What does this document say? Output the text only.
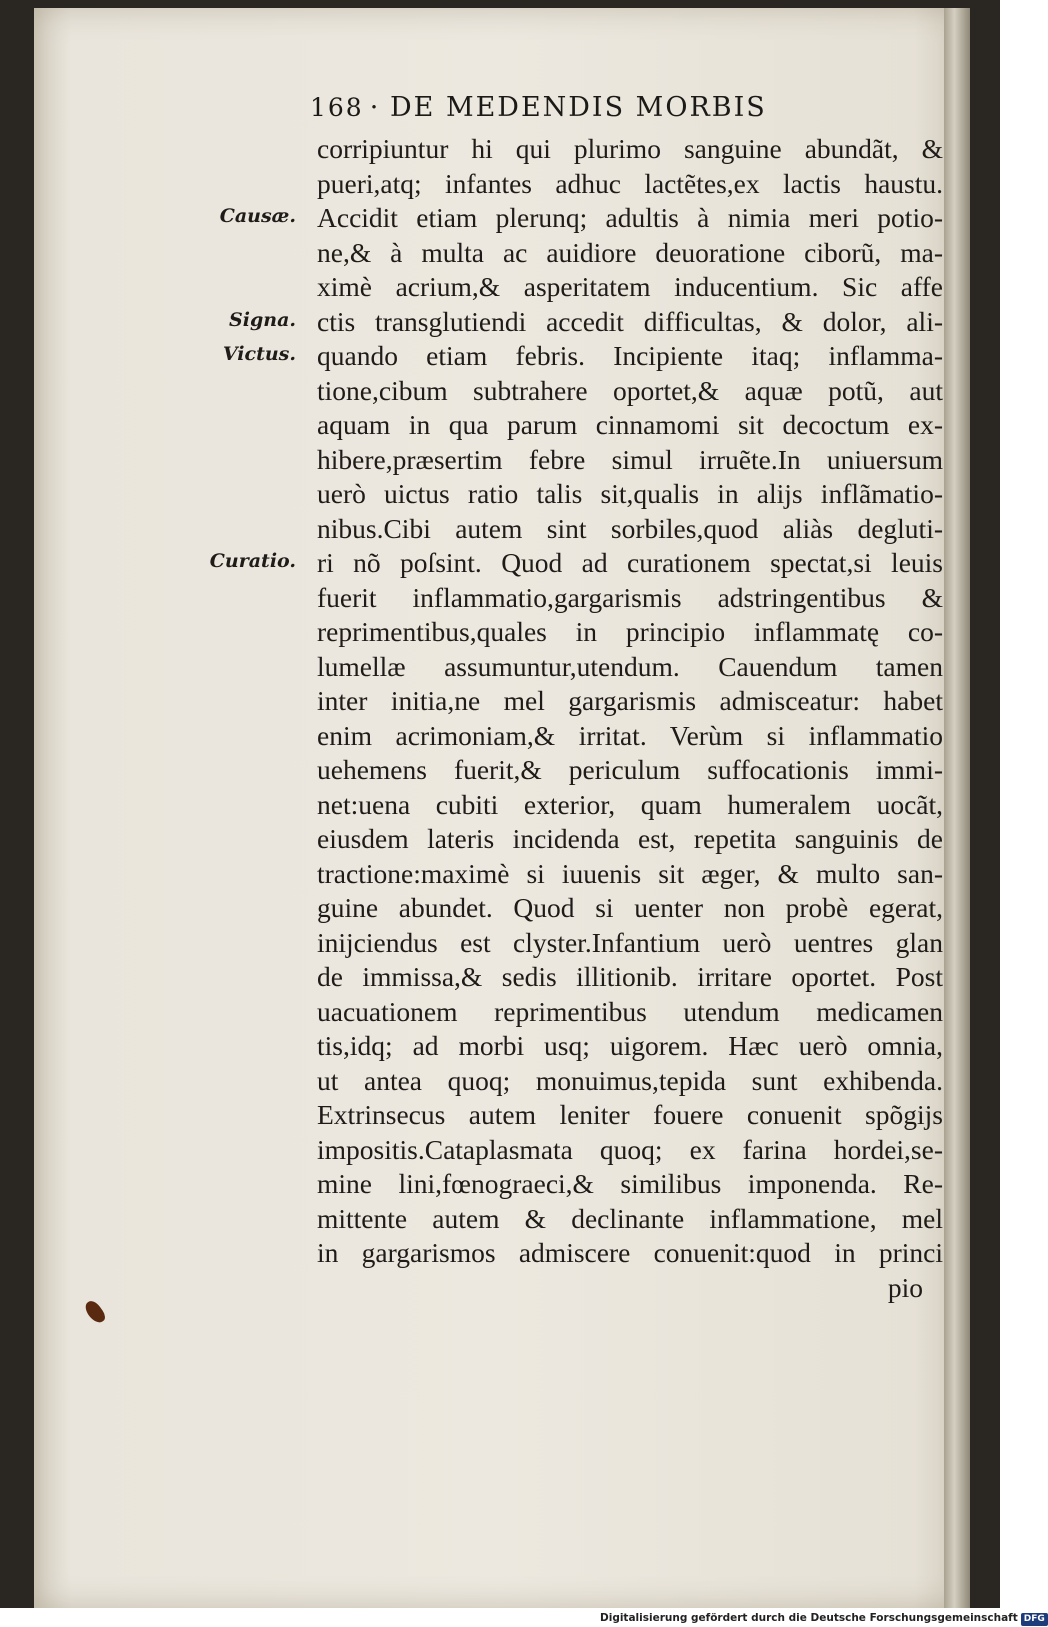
168 · DE MEDENDIS MORBIS
Causæ.
Signa.
Victus.
Curatio.
corripiuntur hi qui plurimo sanguine abundãt, &
pueri,atq; infantes adhuc lactẽtes,ex lactis haustu.
Accidit etiam plerunq; adultis à nimia meri potio-
ne,& à multa ac auidiore deuoratione ciborũ, ma-
ximè acrium,& asperitatem inducentium. Sic affe
ctis transglutiendi accedit difficultas, & dolor, ali-
quando etiam febris. Incipiente itaq; inflamma-
tione,cibum subtrahere oportet,& aquæ potũ, aut
aquam in qua parum cinnamomi sit decoctum ex-
hibere,præsertim febre simul irruẽte.In uniuersum
uerò uictus ratio talis sit,qualis in alijs inflãmatio-
nibus.Cibi autem sint sorbiles,quod aliàs degluti-
ri nõ poſsint. Quod ad curationem spectat,si leuis
fuerit inflammatio,gargarismis adstringentibus &
reprimentibus,quales in principio inflammatę co-
lumellæ assumuntur,utendum. Cauendum tamen
inter initia,ne mel gargarismis admisceatur: habet
enim acrimoniam,& irritat. Verùm si inflammatio
uehemens fuerit,& periculum suffocationis immi-
net:uena cubiti exterior, quam humeralem uocãt,
eiusdem lateris incidenda est, repetita sanguinis de
tractione:maximè si iuuenis sit æger, & multo san-
guine abundet. Quod si uenter non probè egerat,
inijciendus est clyster.Infantium uerò uentres glan
de immissa,& sedis illitionib. irritare oportet. Post
uacuationem reprimentibus utendum medicamen
tis,idq; ad morbi usq; uigorem. Hæc uerò omnia,
ut antea quoq; monuimus,tepida sunt exhibenda.
Extrinsecus autem leniter fouere conuenit spõgijs
impositis.Cataplasmata quoq; ex farina hordei,se-
mine lini,fœnograeci,& similibus imponenda. Re-
mittente autem & declinante inflammatione, mel
in gargarismos admiscere conuenit:quod in princi
pio
Digitalisierung gefördert durch die Deutsche Forschungsgemeinschaft DFG
